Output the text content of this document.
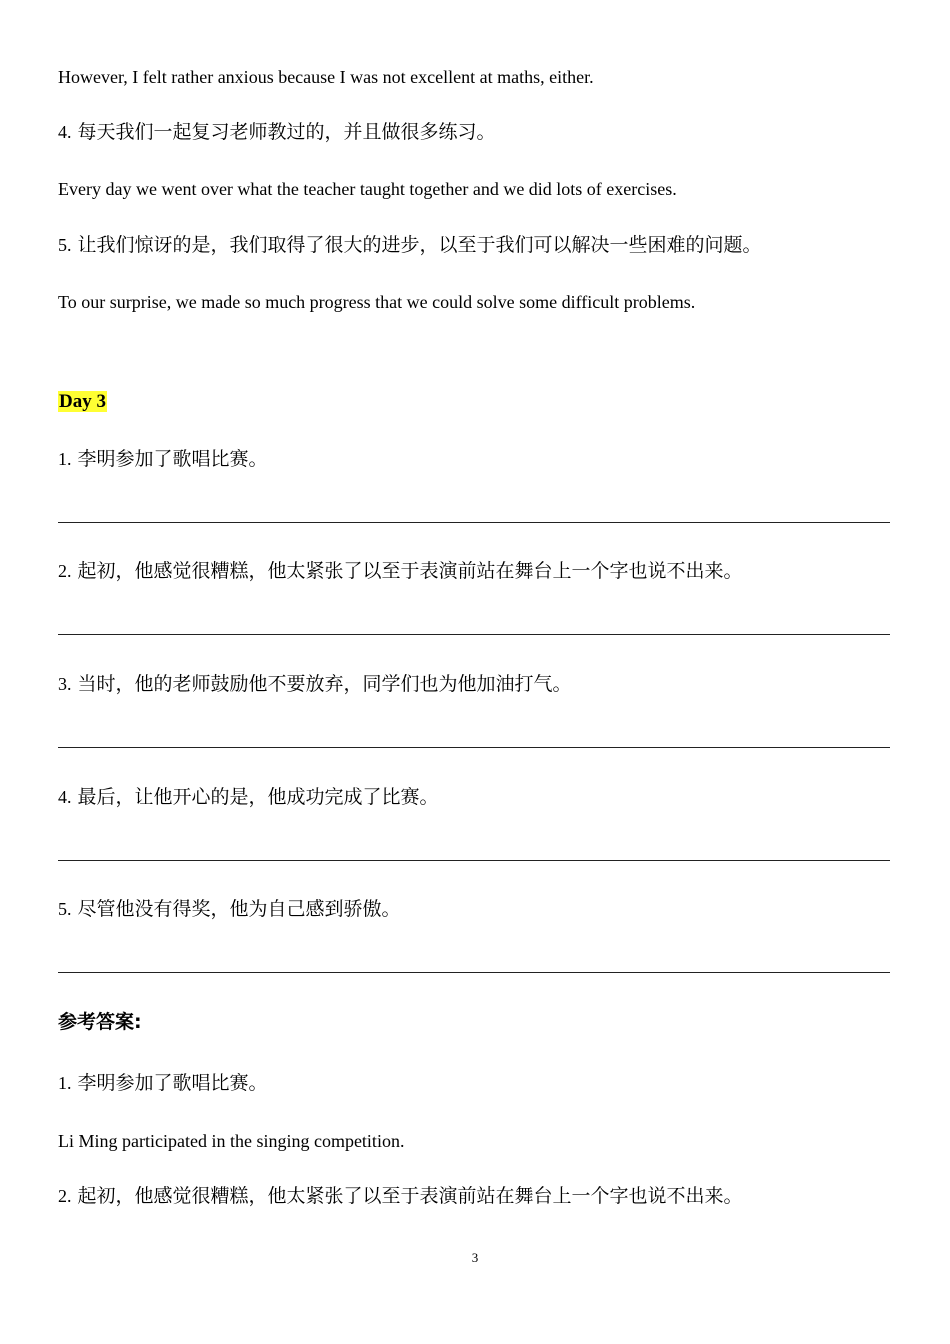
However, I felt rather anxious because I was not excellent at maths, either.
4. 每天我们一起复习老师教过的，并且做很多练习。
Every day we went over what the teacher taught together and we did lots of exercises.
5. 让我们惊讶的是，我们取得了很大的进步，以至于我们可以解决一些困难的问题。
To our surprise, we made so much progress that we could solve some difficult problems.
Day 3
1. 李明参加了歌唱比赛。
2. 起初，他感觉很糟糕，他太紧张了以至于表演前站在舞台上一个字也说不出来。
3. 当时，他的老师鼓励他不要放弃，同学们也为他加油打气。
4. 最后，让他开心的是，他成功完成了比赛。
5. 尽管他没有得奖，他为自己感到骄傲。
参考答案:
1. 李明参加了歌唱比赛。
Li Ming participated in the singing competition.
2. 起初，他感觉很糟糕，他太紧张了以至于表演前站在舞台上一个字也说不出来。
3
